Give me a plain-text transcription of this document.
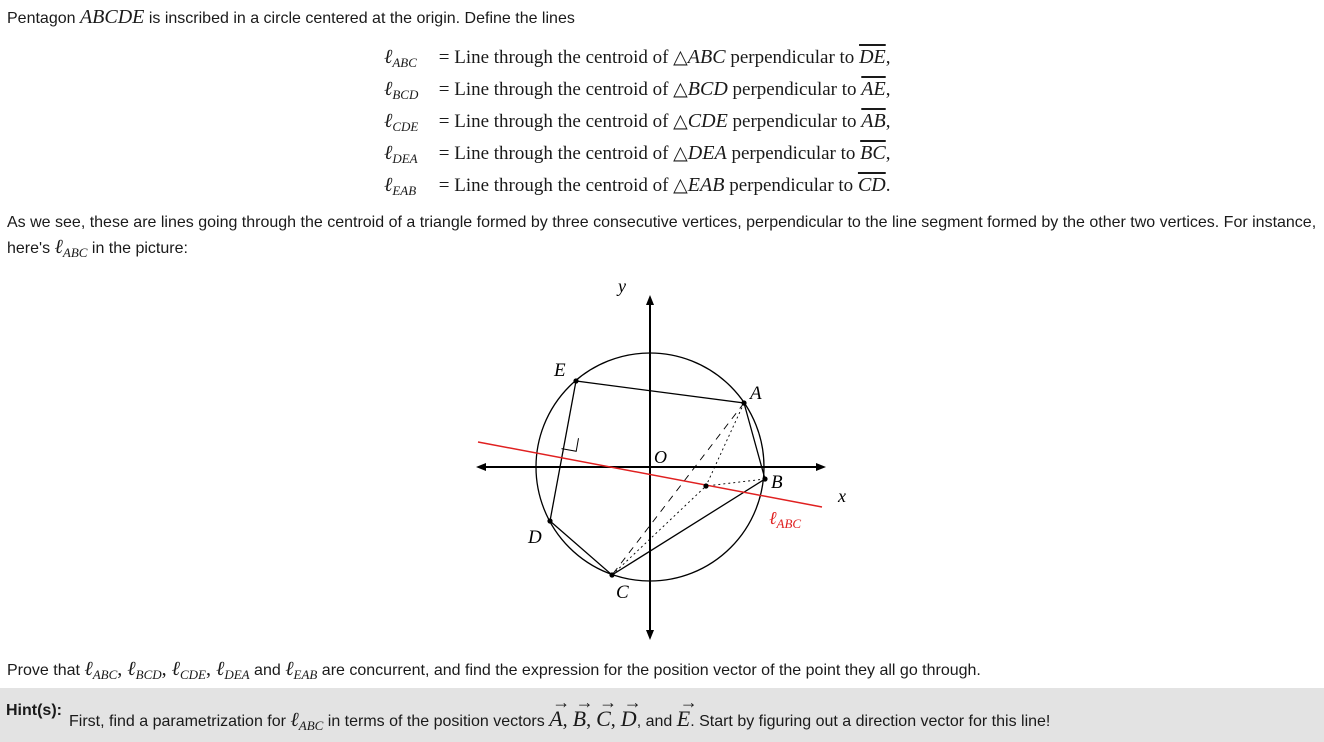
Pentagon ABCDE is inscribed in a circle centered at the origin. Define the lines
ℓ$_{ABC}$ = Line through the centroid of △ABC perpendicular to $\overline{DE}$,
ℓ$_{BCD}$ = Line through the centroid of △BCD perpendicular to $\overline{AE}$,
ℓ$_{CDE}$ = Line through the centroid of △CDE perpendicular to $\overline{AB}$,
ℓ$_{DEA}$ = Line through the centroid of △DEA perpendicular to $\overline{BC}$,
ℓ$_{EAB}$ = Line through the centroid of △EAB perpendicular to $\overline{CD}$.
As we see, these are lines going through the centroid of a triangle formed by three consecutive vertices, perpendicular to the line segment formed by the other two vertices. For instance, here's ℓ$_{ABC}$ in the picture:
y
x
O
A
B
C
D
E
ℓ$_{ABC}$
Prove that ℓ$_{ABC}$, ℓ$_{BCD}$, ℓ$_{CDE}$, ℓ$_{DEA}$ and ℓ$_{EAB}$ are concurrent, and find the expression for the position vector of the point they all go through.
Hint(s):
First, find a parametrization for ℓ$_{ABC}$ in terms of the position vectors → A, → B, → C, → D, and → E. Start by figuring out a direction vector for this line!
